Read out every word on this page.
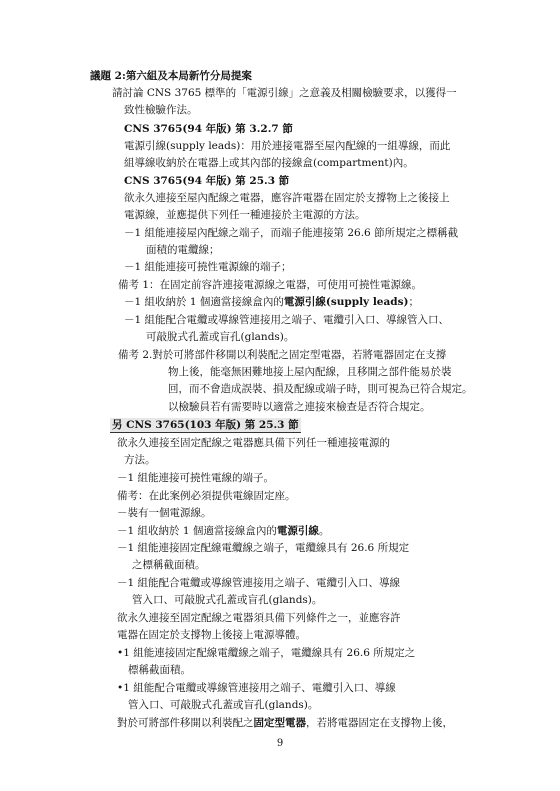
議題 2:第六組及本局新竹分局提案
請討論 CNS 3765 標準的「電源引線」之意義及相關檢驗要求，以獲得一
致性檢驗作法。
CNS 3765(94 年版) 第 3.2.7 節
電源引線(supply leads)：用於連接電器至屋內配線的一組導線，而此
組導線收納於在電器上或其內部的接線盒(compartment)內。
CNS 3765(94 年版) 第 25.3 節
欲永久連接至屋內配線之電器，應容許電器在固定於支撐物上之後接上
電源線，並應提供下列任一種連接於主電源的方法。
－1 組能連接屋內配線之端子，而端子能連接第 26.6 節所規定之標稱截
面積的電纜線；
－1 組能連接可撓性電源線的端子；
備考 1：在固定前容許連接電源線之電器，可使用可撓性電源線。
－1 組收納於 1 個適當接線盒內的電源引線(supply leads)；
－1 組能配合電纜或導線管連接用之端子、電纜引入口、導線管入口、
可敲脫式孔蓋或盲孔(glands)。
備考 2.對於可將部件移開以利裝配之固定型電器，若將電器固定在支撐
物上後，能毫無困難地接上屋內配線，且移開之部件能易於裝
回，而不會造成誤裝、損及配線或端子時，則可視為已符合規定。
以檢驗員若有需要時以適當之連接來檢查是否符合規定。
另 CNS 3765(103 年版) 第 25.3 節
欲永久連接至固定配線之電器應具備下列任一種連接電源的
方法。
－1 組能連接可撓性電線的端子。
備考：在此案例必須提供電線固定座。
－裝有一個電源線。
－1 組收納於 1 個適當接線盒內的電源引線。
－1 組能連接固定配線電纜線之端子，電纜線具有 26.6 所規定
之標稱截面積。
－1 組能配合電纜或導線管連接用之端子、電纜引入口、導線
管入口、可敲脫式孔蓋或盲孔(glands)。
欲永久連接至固定配線之電器須具備下列條件之一，並應容許
電器在固定於支撐物上後接上電源導體。
•1 組能連接固定配線電纜線之端子，電纜線具有 26.6 所規定之
標稱截面積。
•1 組能配合電纜或導線管連接用之端子、電纜引入口、導線
管入口、可敲脫式孔蓋或盲孔(glands)。
對於可將部件移開以利裝配之固定型電器，若將電器固定在支撐物上後，
9
